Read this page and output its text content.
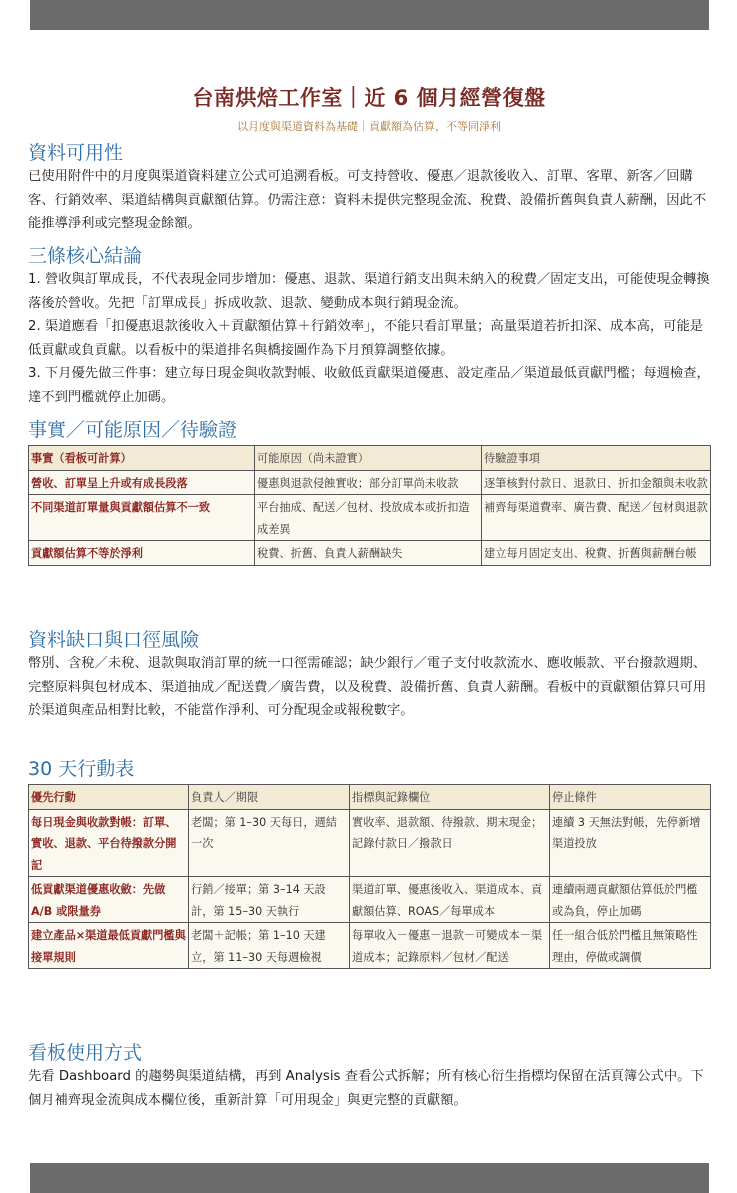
台南烘焙工作室｜近 6 個月經營復盤
以月度與渠道資料為基礎｜貢獻額為估算，不等同淨利

資料可用性

已使用附件中的月度與渠道資料建立公式可追溯看板。可支持營收、優惠／退款後收入、訂單、客單、新客／回購客、行銷效率、渠道結構與貢獻額估算。仍需注意：資料未提供完整現金流、稅費、設備折舊與負責人薪酬，因此不能推導淨利或完整現金餘額。

三條核心結論

1. 營收與訂單成長，不代表現金同步增加：優惠、退款、渠道行銷支出與未納入的稅費／固定支出，可能使現金轉換落後於營收。先把「訂單成長」拆成收款、退款、變動成本與行銷現金流。

2. 渠道應看「扣優惠退款後收入＋貢獻額估算＋行銷效率」，不能只看訂單量；高量渠道若折扣深、成本高，可能是低貢獻或負貢獻。以看板中的渠道排名與橋接圖作為下月預算調整依據。

3. 下月優先做三件事：建立每日現金與收款對帳、收斂低貢獻渠道優惠、設定產品／渠道最低貢獻門檻；每週檢查，達不到門檻就停止加碼。

事實／可能原因／待驗證

事實（看板可計算）	可能原因（尚未證實）	待驗證事項
營收、訂單呈上升或有成長段落	優惠與退款侵蝕實收；部分訂單尚未收款	逐筆核對付款日、退款日、折扣金額與未收款
不同渠道訂單量與貢獻額估算不一致	平台抽成、配送／包材、投放成本或折扣造成差異	補齊每渠道費率、廣告費、配送／包材與退款
貢獻額估算不等於淨利	稅費、折舊、負責人薪酬缺失	建立每月固定支出、稅費、折舊與薪酬台帳

資料缺口與口徑風險

幣別、含稅／未稅、退款與取消訂單的統一口徑需確認；缺少銀行／電子支付收款流水、應收帳款、平台撥款週期、完整原料與包材成本、渠道抽成／配送費／廣告費，以及稅費、設備折舊、負責人薪酬。看板中的貢獻額估算只可用於渠道與產品相對比較，不能當作淨利、可分配現金或報稅數字。

30 天行動表

優先行動	負責人／期限	指標與記錄欄位	停止條件
每日現金與收款對帳：訂單、實收、退款、平台待撥款分開記	老闆；第 1–30 天每日，週結一次	實收率、退款額、待撥款、期末現金；記錄付款日／撥款日	連續 3 天無法對帳，先停新增渠道投放
低貢獻渠道優惠收斂：先做 A/B 或限量券	行銷／接單；第 3–14 天設計，第 15–30 天執行	渠道訂單、優惠後收入、渠道成本、貢獻額估算、ROAS／每單成本	連續兩週貢獻額估算低於門檻或為負，停止加碼
建立產品×渠道最低貢獻門檻與接單規則	老闆＋記帳；第 1–10 天建立，第 11–30 天每週檢視	每單收入－優惠－退款－可變成本－渠道成本；記錄原料／包材／配送	任一組合低於門檻且無策略性理由，停做或調價

看板使用方式

先看 Dashboard 的趨勢與渠道結構，再到 Analysis 查看公式拆解；所有核心衍生指標均保留在活頁簿公式中。下個月補齊現金流與成本欄位後，重新計算「可用現金」與更完整的貢獻額。
